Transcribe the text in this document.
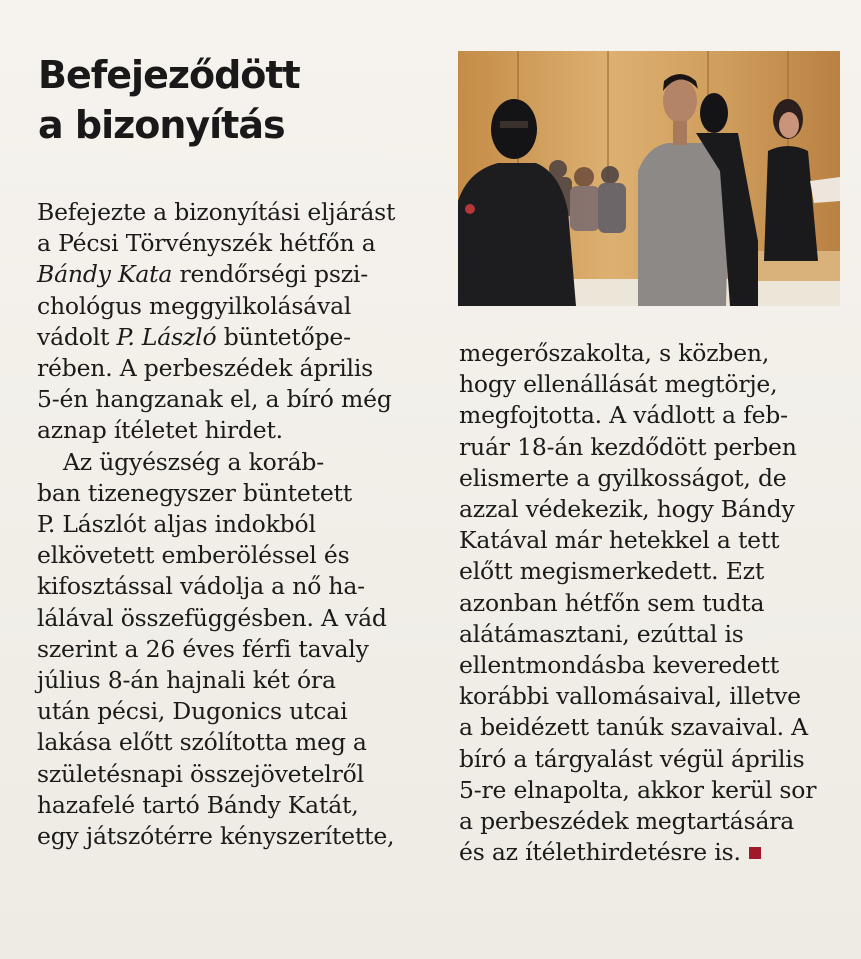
Befejeződött
a bizonyítás
Befejezte a bizonyítási eljárást
a Pécsi Törvényszék hétfőn a
Bándy Kata rendőrségi pszi-
chológus meggyilkolásával
vádolt P. László büntetőpe-
rében. A perbeszédek április
5-én hangzanak el, a bíró még
aznap ítéletet hirdet.
Az ügyészség a koráb-
ban tizenegyszer büntetett
P. Lászlót aljas indokból
elkövetett emberöléssel és
kifosztással vádolja a nő ha-
lálával összefüggésben. A vád
szerint a 26 éves férfi tavaly
július 8-án hajnali két óra
után pécsi, Dugonics utcai
lakása előtt szólította meg a
születésnapi összejövetelről
hazafelé tartó Bándy Katát,
egy játszótérre kényszerítette,
megerőszakolta, s közben,
hogy ellenállását megtörje,
megfojtotta. A vádlott a feb-
ruár 18-án kezdődött perben
elismerte a gyilkosságot, de
azzal védekezik, hogy Bándy
Katával már hetekkel a tett
előtt megismerkedett. Ezt
azonban hétfőn sem tudta
alátámasztani, ezúttal is
ellentmondásba keveredett
korábbi vallomásaival, illetve
a beidézett tanúk szavaival. A
bíró a tárgyalást végül április
5-re elnapolta, akkor kerül sor
a perbeszédek megtartására
és az ítélethirdetésre is.
